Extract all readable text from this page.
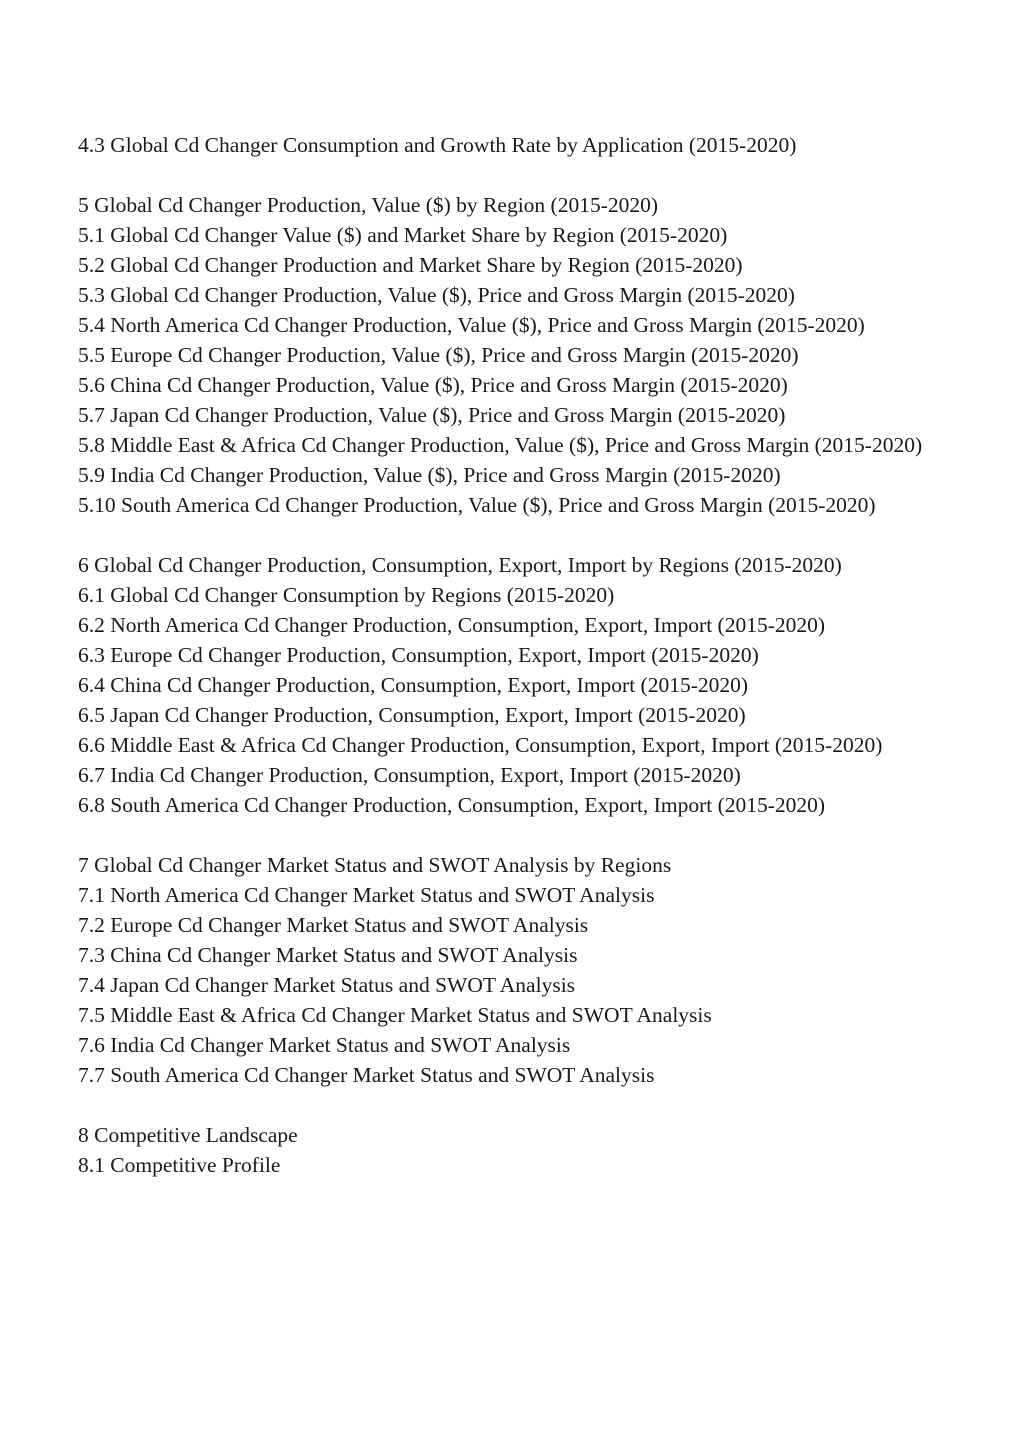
4.3 Global Cd Changer Consumption and Growth Rate by Application (2015-2020)

5 Global Cd Changer Production, Value ($) by Region (2015-2020)

5.1 Global Cd Changer Value ($) and Market Share by Region (2015-2020)

5.2 Global Cd Changer Production and Market Share by Region (2015-2020)

5.3 Global Cd Changer Production, Value ($), Price and Gross Margin (2015-2020)

5.4 North America Cd Changer Production, Value ($), Price and Gross Margin (2015-2020)

5.5 Europe Cd Changer Production, Value ($), Price and Gross Margin (2015-2020)

5.6 China Cd Changer Production, Value ($), Price and Gross Margin (2015-2020)

5.7 Japan Cd Changer Production, Value ($), Price and Gross Margin (2015-2020)

5.8 Middle East & Africa Cd Changer Production, Value ($), Price and Gross Margin (2015-2020)

5.9 India Cd Changer Production, Value ($), Price and Gross Margin (2015-2020)

5.10 South America Cd Changer Production, Value ($), Price and Gross Margin (2015-2020)

6 Global Cd Changer Production, Consumption, Export, Import by Regions (2015-2020)

6.1 Global Cd Changer Consumption by Regions (2015-2020)

6.2 North America Cd Changer Production, Consumption, Export, Import (2015-2020)

6.3 Europe Cd Changer Production, Consumption, Export, Import (2015-2020)

6.4 China Cd Changer Production, Consumption, Export, Import (2015-2020)

6.5 Japan Cd Changer Production, Consumption, Export, Import (2015-2020)

6.6 Middle East & Africa Cd Changer Production, Consumption, Export, Import (2015-2020)

6.7 India Cd Changer Production, Consumption, Export, Import (2015-2020)

6.8 South America Cd Changer Production, Consumption, Export, Import (2015-2020)

7 Global Cd Changer Market Status and SWOT Analysis by Regions

7.1 North America Cd Changer Market Status and SWOT Analysis

7.2 Europe Cd Changer Market Status and SWOT Analysis

7.3 China Cd Changer Market Status and SWOT Analysis

7.4 Japan Cd Changer Market Status and SWOT Analysis

7.5 Middle East & Africa Cd Changer Market Status and SWOT Analysis

7.6 India Cd Changer Market Status and SWOT Analysis

7.7 South America Cd Changer Market Status and SWOT Analysis

8 Competitive Landscape

8.1 Competitive Profile
